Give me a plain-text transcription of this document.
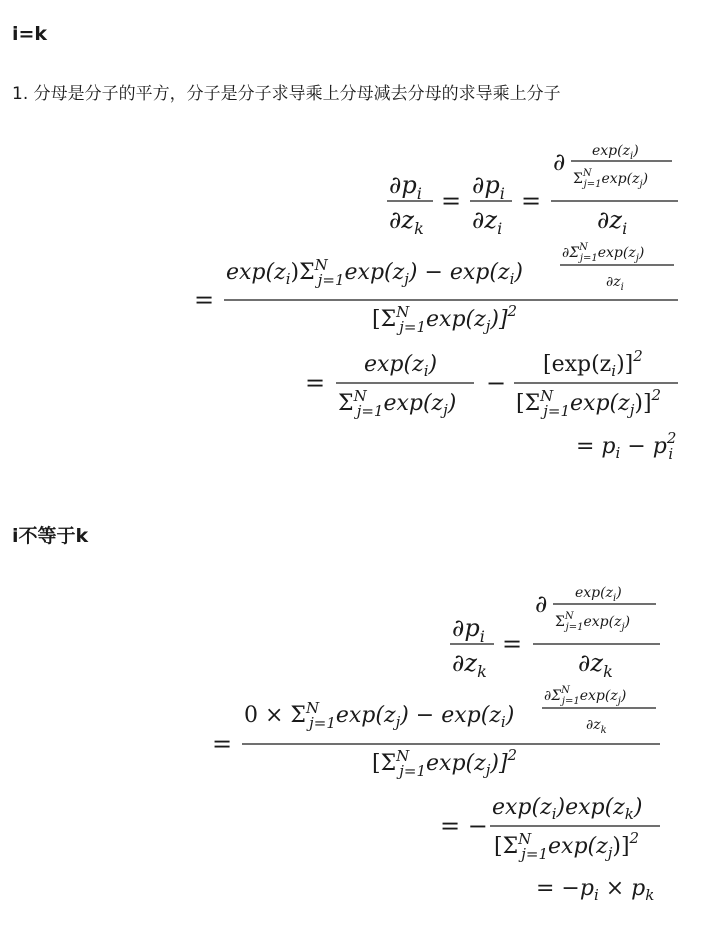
i=k
1. 分母是分子的平方，分子是分子求导乘上分母减去分母的求导乘上分子
i不等于k
$\partial p_i$
$\partial z_k$
=
$\partial p_i$
$\partial z_i$
=
∂ $\exp(z_i)$
$\Sigma^N$ $j=1\exp(z_j)$
$\partial z_i$
=
$\exp(z_i)\Sigma^N$ $j=1\exp(z_j) - \exp(z_i)$
$\partial\Sigma^N$ $j=1\exp(z_j)$
$\partial z_i$
[$\Sigma^N$ $j=1\exp(z_j)]^2$
=
$\exp(z_i)$
$\Sigma^N$ $j=1\exp(z_j)$
−
$[\exp(z_i)]^2$
[$\Sigma^N$ $j=1\exp(z_j)]^2$
= $p_i - p^2$ i
$\partial p_i$
$\partial z_k$
=
∂ $\exp(z_i)$
$\Sigma^N$ $j=1\exp(z_j)$
$\partial z_k$
=
$0 \times \Sigma^N$ $j=1\exp(z_j) - \exp(z_i)$
$\partial\Sigma^N$ $j=1\exp(z_j)$
$\partial z_k$
[$\Sigma^N$ $j=1\exp(z_j)]^2$
= −
$\exp(z_i)\exp(z_k)$
[$\Sigma^N$ $j=1\exp(z_j)]^2$
= $-p_i \times p_k$
